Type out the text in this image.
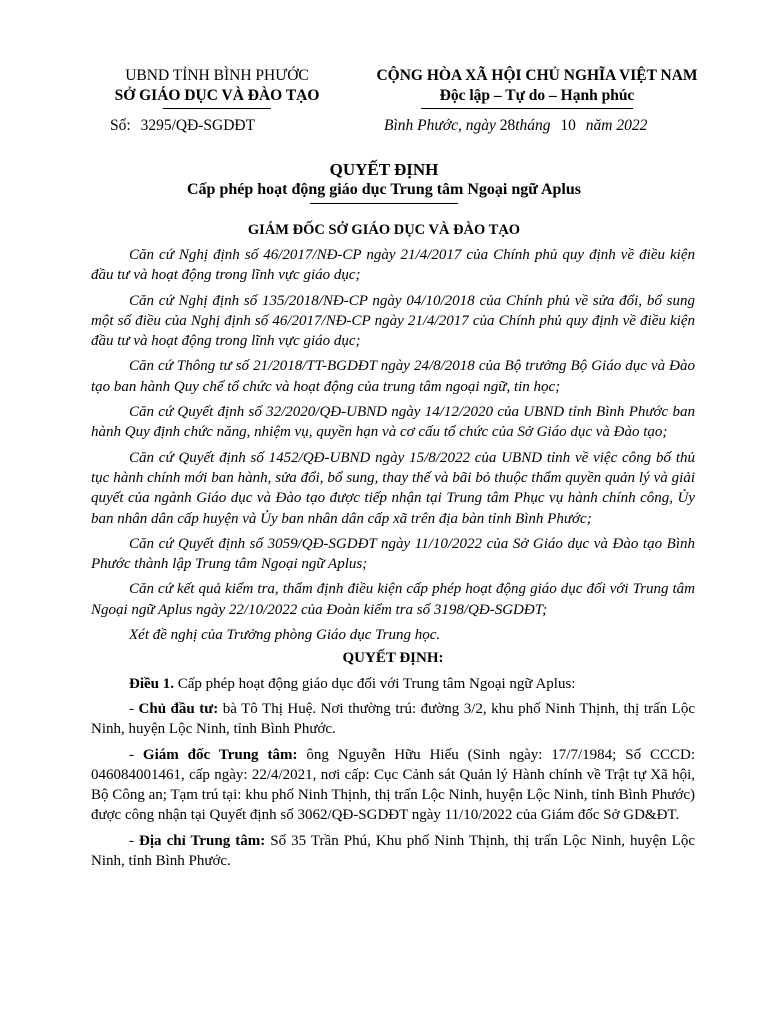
UBND TỈNH BÌNH PHƯỚC
SỞ GIÁO DỤC VÀ ĐÀO TẠO
CỘNG HÒA XÃ HỘI CHỦ NGHĨA VIỆT NAM
Độc lập – Tự do – Hạnh phúc
Số: 3295/QĐ-SGDĐT	Bình Phước, ngày 28tháng 10 năm 2022
QUYẾT ĐỊNH
Cấp phép hoạt động giáo dục Trung tâm Ngoại ngữ Aplus
GIÁM ĐỐC SỞ GIÁO DỤC VÀ ĐÀO TẠO

Căn cứ Nghị định số 46/2017/NĐ-CP ngày 21/4/2017 của Chính phủ quy định về điều kiện đầu tư và hoạt động trong lĩnh vực giáo dục;

Căn cứ Nghị định số 135/2018/NĐ-CP ngày 04/10/2018 của Chính phủ về sửa đổi, bổ sung một số điều của Nghị định số 46/2017/NĐ-CP ngày 21/4/2017 của Chính phủ quy định về điều kiện đầu tư và hoạt động trong lĩnh vực giáo dục;

Căn cứ Thông tư số 21/2018/TT-BGDĐT ngày 24/8/2018 của Bộ trưởng Bộ Giáo dục và Đào tạo ban hành Quy chế tổ chức và hoạt động của trung tâm ngoại ngữ, tin học;

Căn cứ Quyết định số 32/2020/QĐ-UBND ngày 14/12/2020 của UBND tỉnh Bình Phước ban hành Quy định chức năng, nhiệm vụ, quyền hạn và cơ cấu tổ chức của Sở Giáo dục và Đào tạo;

Căn cứ Quyết định số 1452/QĐ-UBND ngày 15/8/2022 của UBND tỉnh về việc công bố thủ tục hành chính mới ban hành, sửa đổi, bổ sung, thay thế và bãi bỏ thuộc thẩm quyền quản lý và giải quyết của ngành Giáo dục và Đào tạo được tiếp nhận tại Trung tâm Phục vụ hành chính công, Ủy ban nhân dân cấp huyện và Ủy ban nhân dân cấp xã trên địa bàn tỉnh Bình Phước;

Căn cứ Quyết định số 3059/QĐ-SGDĐT ngày 11/10/2022 của Sở Giáo dục và Đào tạo Bình Phước thành lập Trung tâm Ngoại ngữ Aplus;

Căn cứ kết quả kiểm tra, thẩm định điều kiện cấp phép hoạt động giáo dục đối với Trung tâm Ngoại ngữ Aplus ngày 22/10/2022 của Đoàn kiểm tra số 3198/QĐ-SGDĐT;

Xét đề nghị của Trưởng phòng Giáo dục Trung học.

QUYẾT ĐỊNH:

Điều 1. Cấp phép hoạt động giáo dục đối với Trung tâm Ngoại ngữ Aplus:

- Chủ đầu tư: bà Tô Thị Huệ. Nơi thường trú: đường 3/2, khu phố Ninh Thịnh, thị trấn Lộc Ninh, huyện Lộc Ninh, tỉnh Bình Phước.

- Giám đốc Trung tâm: ông Nguyễn Hữu Hiếu (Sinh ngày: 17/7/1984; Số CCCD: 046084001461, cấp ngày: 22/4/2021, nơi cấp: Cục Cảnh sát Quản lý Hành chính về Trật tự Xã hội, Bộ Công an; Tạm trú tại: khu phố Ninh Thịnh, thị trấn Lộc Ninh, huyện Lộc Ninh, tỉnh Bình Phước) được công nhận tại Quyết định số 3062/QĐ-SGDĐT ngày 11/10/2022 của Giám đốc Sở GD&ĐT.

- Địa chỉ Trung tâm: Số 35 Trần Phú, Khu phố Ninh Thịnh, thị trấn Lộc Ninh, huyện Lộc Ninh, tỉnh Bình Phước.
